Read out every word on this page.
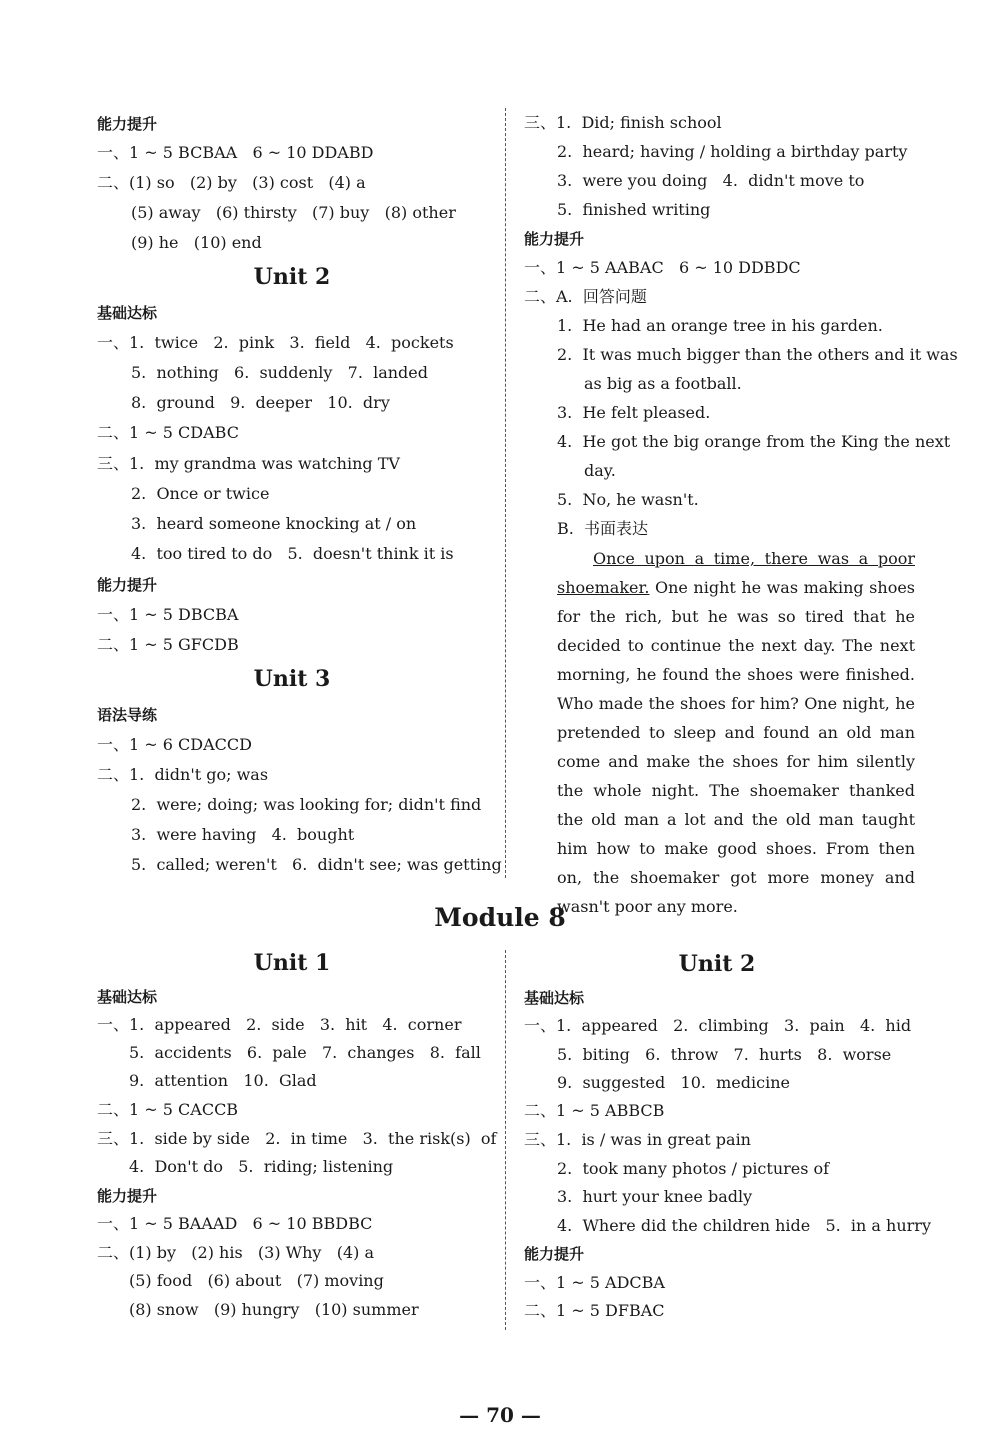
能力提升
一、1 ~ 5 BCBAA   6 ~ 10 DDABD
二、(1) so   (2) by   (3) cost   (4) a
(5) away   (6) thirsty   (7) buy   (8) other
(9) he   (10) end
Unit 2
基础达标
一、1.  twice   2.  pink   3.  field   4.  pockets
5.  nothing   6.  suddenly   7.  landed
8.  ground   9.  deeper   10.  dry
二、1 ~ 5 CDABC
三、1.  my grandma was watching TV
2.  Once or twice
3.  heard someone knocking at / on
4.  too tired to do   5.  doesn't think it is
能力提升
一、1 ~ 5 DBCBA
二、1 ~ 5 GFCDB
Unit 3
语法导练
一、1 ~ 6 CDACCD
二、1.  didn't go; was
2.  were; doing; was looking for; didn't find
3.  were having   4.  bought
5.  called; weren't   6.  didn't see; was getting
三、1.  Did; finish school
2.  heard; having / holding a birthday party
3.  were you doing   4.  didn't move to
5.  finished writing
能力提升
一、1 ~ 5 AABAC   6 ~ 10 DDBDC
二、A.  回答问题
1.  He had an orange tree in his garden.
2.  It was much bigger than the others and it was
as big as a football.
3.  He felt pleased.
4.  He got the big orange from the King the next
day.
5.  No, he wasn't.
B.  书面表达
Once upon a time, there was a poor shoemaker. One night he was making shoes for the rich, but he was so tired that he decided to continue the next day. The next morning, he found the shoes were finished. Who made the shoes for him? One night, he pretended to sleep and found an old man come and make the shoes for him silently the whole night. The shoemaker thanked the old man a lot and the old man taught him how to make good shoes. From then on, the shoemaker got more money and wasn't poor any more.
Module 8
Unit 1
基础达标
一、1.  appeared   2.  side   3.  hit   4.  corner
5.  accidents   6.  pale   7.  changes   8.  fall
9.  attention   10.  Glad
二、1 ~ 5 CACCB
三、1.  side by side   2.  in time   3.  the risk(s)  of
4.  Don't do   5.  riding; listening
能力提升
一、1 ~ 5 BAAAD   6 ~ 10 BBDBC
二、(1) by   (2) his   (3) Why   (4) a
(5) food   (6) about   (7) moving
(8) snow   (9) hungry   (10) summer
Unit 2
基础达标
一、1.  appeared   2.  climbing   3.  pain   4.  hid
5.  biting   6.  throw   7.  hurts   8.  worse
9.  suggested   10.  medicine
二、1 ~ 5 ABBCB
三、1.  is / was in great pain
2.  took many photos / pictures of
3.  hurt your knee badly
4.  Where did the children hide   5.  in a hurry
能力提升
一、1 ~ 5 ADCBA
二、1 ~ 5 DFBAC
— 70 —
